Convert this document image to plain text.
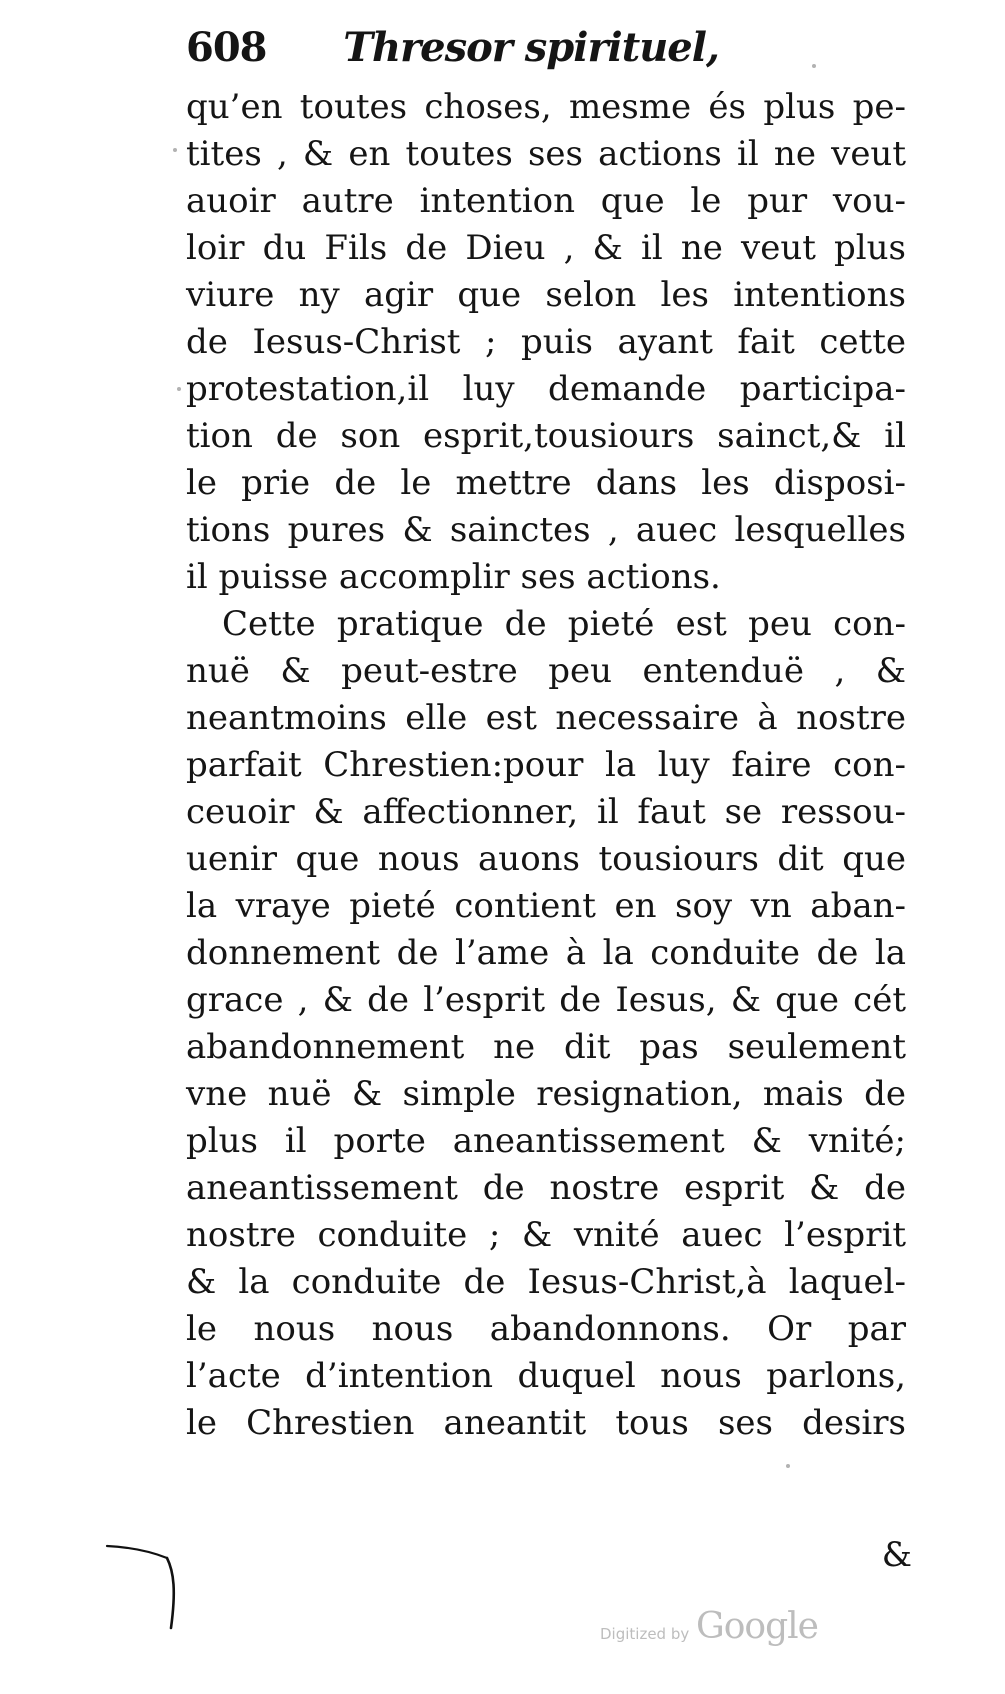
608 Thresor spirituel,
qu’en toutes choses, mesme és plus pe-
tites , & en toutes ses actions il ne veut
auoir autre intention que le pur vou-
loir du Fils de Dieu , & il ne veut plus
viure ny agir que selon les intentions
de Iesus-Christ ; puis ayant fait cette
protestation,il luy demande participa-
tion de son esprit,tousiours sainct,& il
le prie de le mettre dans les disposi-
tions pures & sainctes , auec lesquelles
il puisse accomplir ses actions.
Cette pratique de pieté est peu con-
nuë & peut-estre peu entenduë , &
neantmoins elle est necessaire à nostre
parfait Chrestien:pour la luy faire con-
ceuoir & affectionner, il faut se ressou-
uenir que nous auons tousiours dit que
la vraye pieté contient en soy vn aban-
donnement de l’ame à la conduite de la
grace , & de l’esprit de Iesus, & que cét
abandonnement ne dit pas seulement
vne nuë & simple resignation, mais de
plus il porte aneantissement & vnité;
aneantissement de nostre esprit & de
nostre conduite ; & vnité auec l’esprit
& la conduite de Iesus-Christ,à laquel-
le nous nous abandonnons. Or par
l’acte d’intention duquel nous parlons,
le Chrestien aneantit tous ses desirs
&
Digitized by Google
